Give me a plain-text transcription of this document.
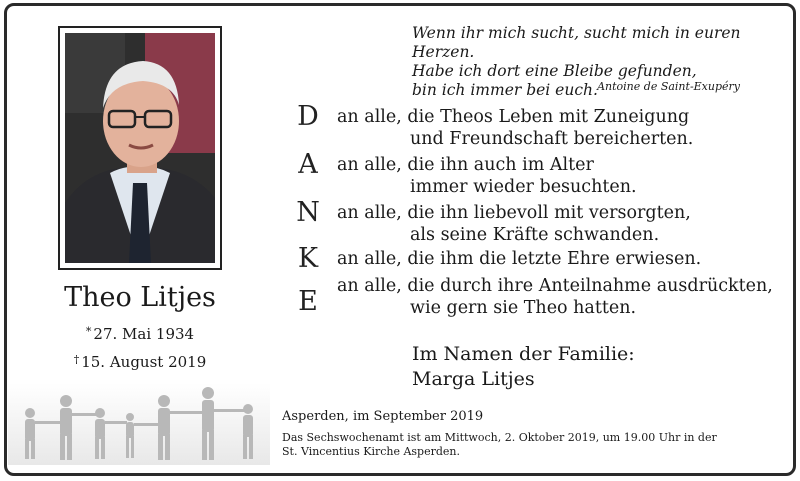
Theo Litjes
* 27. Mai 1934
† 15. August 2019
Wenn ihr mich sucht, sucht mich in euren Herzen.
Habe ich dort eine Bleibe gefunden,
bin ich immer bei euch. Antoine de Saint-Exupéry
D an alle, die Theos Leben mit Zuneigung
und Freundschaft bereicherten.
A an alle, die ihn auch im Alter
immer wieder besuchten.
N an alle, die ihn liebevoll mit versorgten,
als seine Kräfte schwanden.
K an alle, die ihm die letzte Ehre erwiesen.
E an alle, die durch ihre Anteilnahme ausdrückten,
wie gern sie Theo hatten.
Im Namen der Familie:
Marga Litjes
Asperden, im September 2019
Das Sechswochenamt ist am Mittwoch, 2. Oktober 2019, um 19.00 Uhr in der
St. Vincentius Kirche Asperden.
